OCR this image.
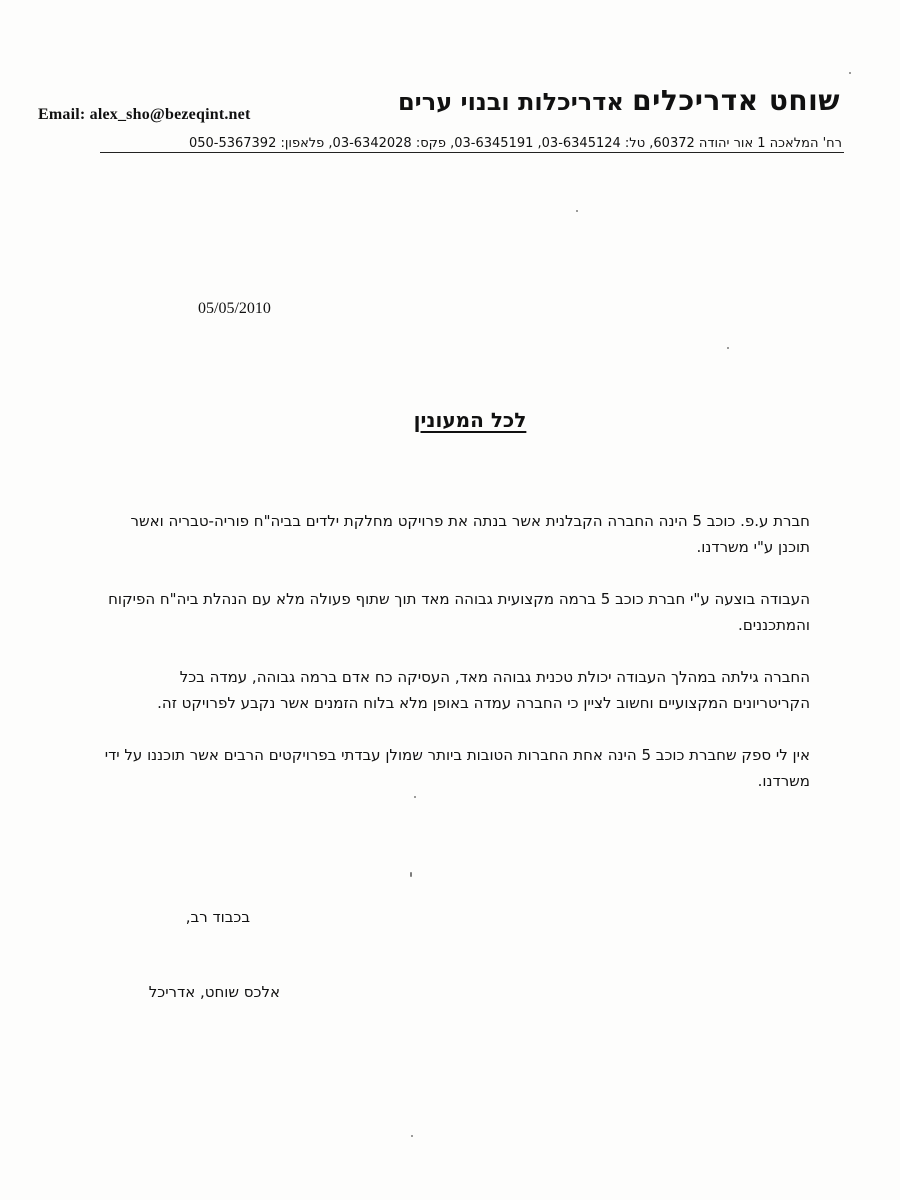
Email: alex_sho@bezeqint.net	שוחט אדריכלים אדריכלות ובנוי ערים
רח' המלאכה 1 אור יהודה 60372, טל: 03-6345124, 03-6345191, פקס: 03-6342028, פלאפון: 050-5367392
05/05/2010
לכל המעונין

חברת ע.פ. כוכב 5 הינה החברה הקבלנית אשר בנתה את פרויקט מחלקת ילדים בביה"ח פוריה-טבריה ואשר תוכנן ע"י משרדנו.

העבודה בוצעה ע"י חברת כוכב 5 ברמה מקצועית גבוהה מאד תוך שתוף פעולה מלא עם הנהלת ביה"ח הפיקוח והמתכננים.

החברה גילתה במהלך העבודה יכולת טכנית גבוהה מאד, העסיקה כח אדם ברמה גבוהה, עמדה בכל הקריטריונים המקצועיים וחשוב לציין כי החברה עמדה באופן מלא בלוח הזמנים אשר נקבע לפרויקט זה.

אין לי ספק שחברת כוכב 5 הינה אחת החברות הטובות ביותר שמולן עבדתי בפרויקטים הרבים אשר תוכננו על ידי משרדנו.

בכבוד רב,
אלכס שוחט, אדריכל
